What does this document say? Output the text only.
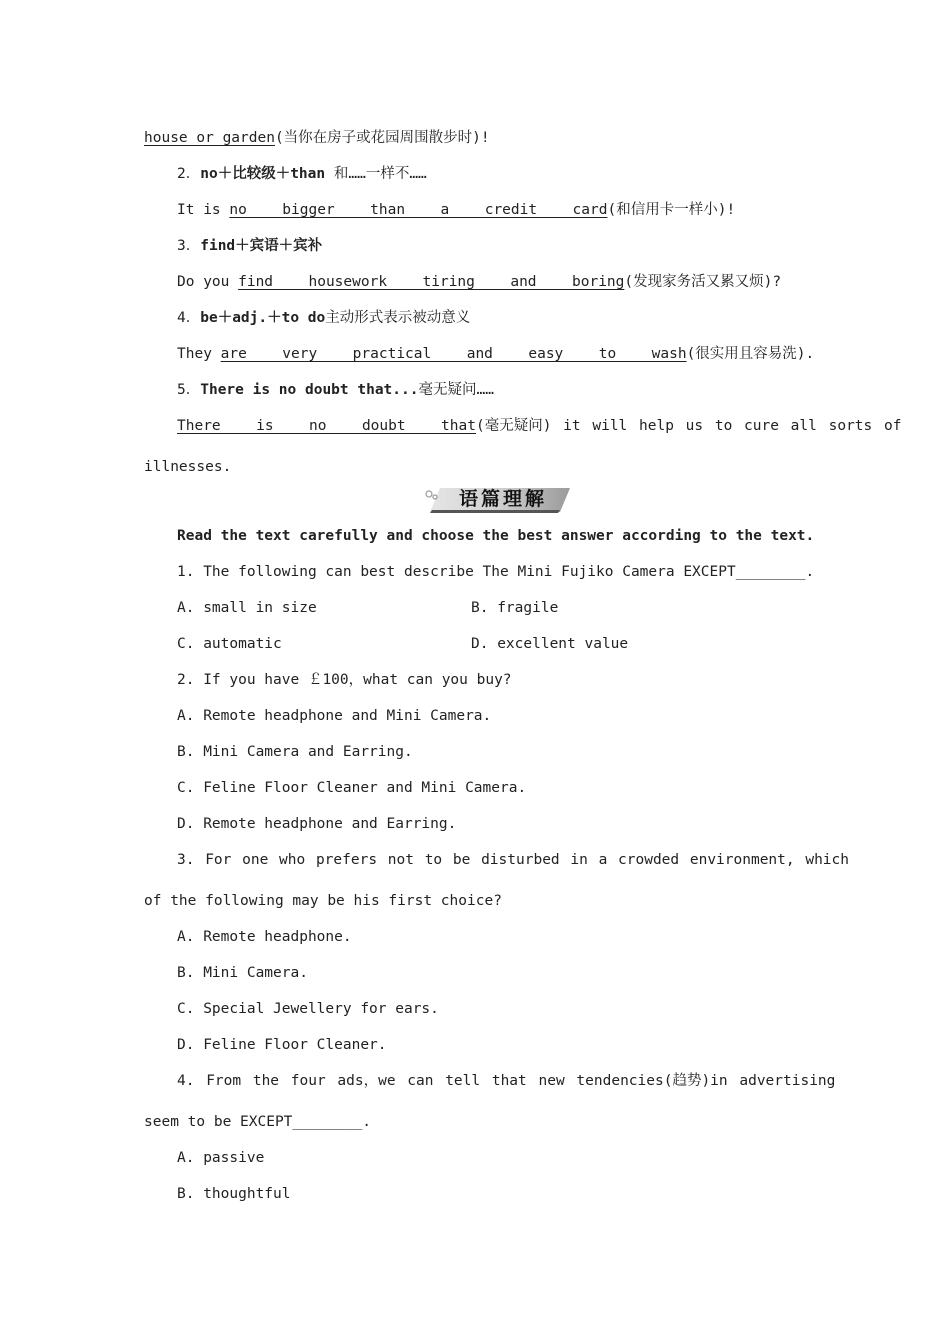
house or garden(当你在房子或花园周围散步时)!
2．no＋比较级＋than 和……一样不……
It is no  bigger  than  a  credit  card(和信用卡一样小)!
3．find＋宾语＋宾补
Do you find  housework  tiring  and  boring(发现家务活又累又烦)?
4．be＋adj.＋to do主动形式表示被动意义
They are  very  practical  and  easy  to  wash(很实用且容易洗).
5．There is no doubt that...毫无疑问……
There  is  no  doubt  that(毫无疑问) it will help us to cure all sorts of
illnesses.
语篇理解
Read the text carefully and choose the best answer according to the text.
1. The following can best describe The Mini Fujiko Camera EXCEPT________.
A. small in size	B. fragile
C. automatic	D. excellent value
2. If you have ￡100，what can you buy?
A. Remote headphone and Mini Camera.
B. Mini Camera and Earring.
C. Feline Floor Cleaner and Mini Camera.
D. Remote headphone and Earring.
3. For one who prefers not to be disturbed in a crowded environment, which
of the following may be his first choice?
A. Remote headphone.
B. Mini Camera.
C. Special Jewellery for ears.
D. Feline Floor Cleaner.
4. From the four ads，we can tell that new tendencies(趋势)in advertising
seem to be EXCEPT________.
A. passive
B. thoughtful
